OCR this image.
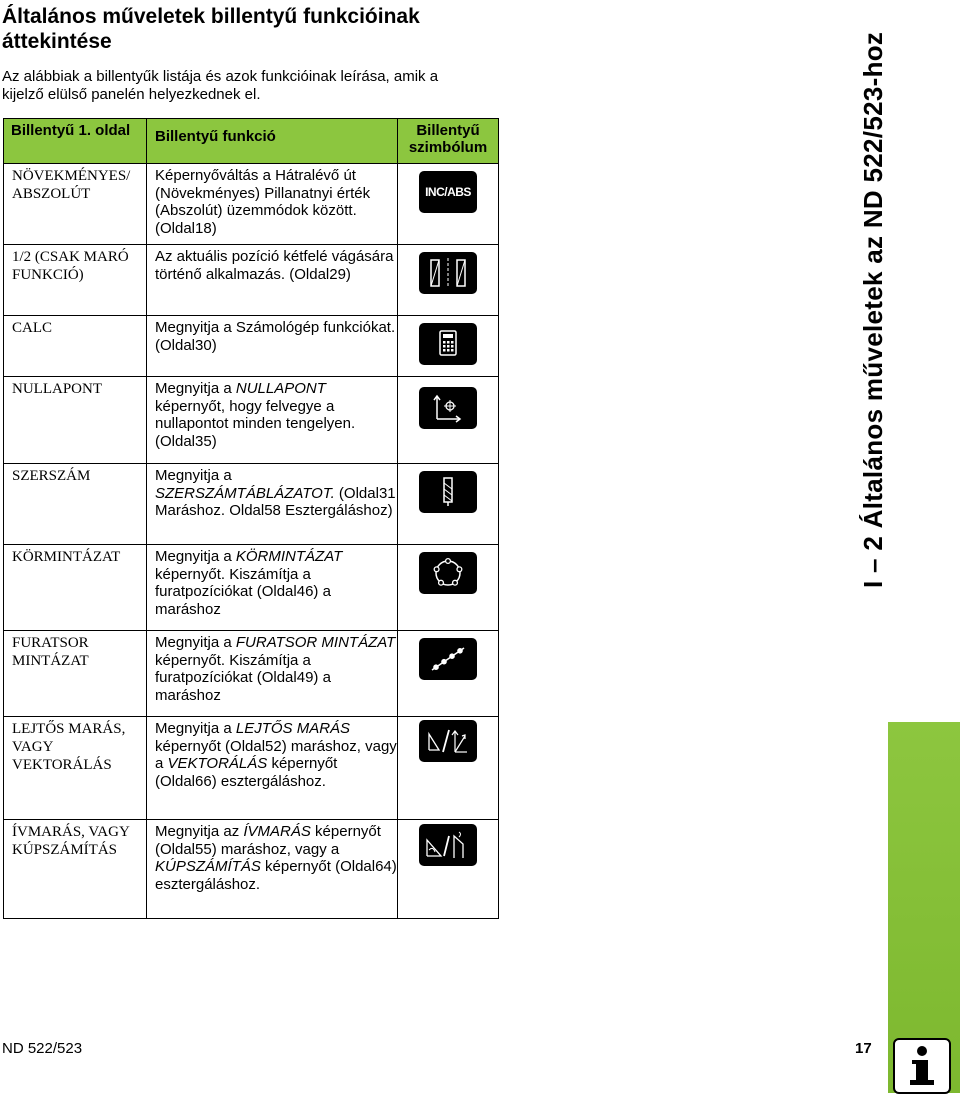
Általános műveletek billentyű funkcióinak áttekintése
Az alábbiak a billentyűk listája és azok funkcióinak leírása, amik a kijelző elülső panelén helyezkednek el.	I – 2 Általános műveletek az ND 522/523-hoz
Billentyű 1. oldal	Billentyű funkció	Billentyű szimbólum

NÖVEKMÉNYES/ ABSZOLÚT	Képernyőváltás a Hátralévő út (Növekményes) Pillanatnyi érték (Abszolút) üzemmódok között. (Oldal18)	INC/ABS

1/2 (CSAK MARÓ FUNKCIÓ)	Az aktuális pozíció kétfelé vágására történő alkalmazás. (Oldal29)	

CALC	Megnyitja a Számológép funkciókat. (Oldal30)	

NULLAPONT	Megnyitja a NULLAPONT képernyőt, hogy felvegye a nullapontot minden tengelyen. (Oldal35)	

SZERSZÁM	Megnyitja a SZERSZÁMTÁBLÁZATOT. (Oldal31 Maráshoz. Oldal58 Esztergáláshoz)	

KÖRMINTÁZAT	Megnyitja a KÖRMINTÁZAT képernyőt. Kiszámítja a furatpozíciókat (Oldal46) a maráshoz	

FURATSOR MINTÁZAT	Megnyitja a FURATSOR MINTÁZAT képernyőt. Kiszámítja a furatpozíciókat (Oldal49) a maráshoz	

LEJTŐS MARÁS, VAGY VEKTORÁLÁS	Megnyitja a LEJTŐS MARÁS képernyőt (Oldal52) maráshoz, vagy a VEKTORÁLÁS képernyőt (Oldal66) esztergáláshoz.	

ÍVMARÁS, VAGY KÚPSZÁMÍTÁS	Megnyitja az ÍVMARÁS képernyőt (Oldal55) maráshoz, vagy a KÚPSZÁMÍTÁS képernyőt (Oldal64) esztergáláshoz.	
ND 522/523	17
